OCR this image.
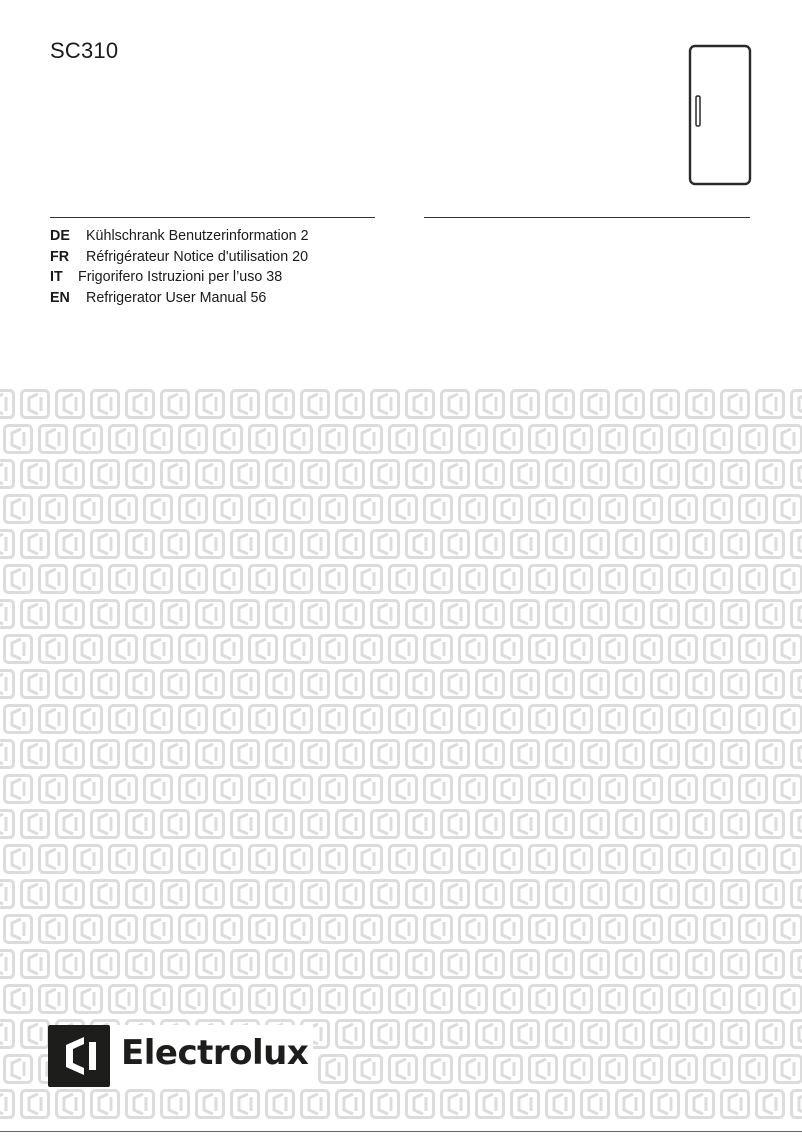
SC310
DE Kühlschrank Benutzerinformation 2
FR Réfrigérateur Notice d'utilisation 20
IT Frigorifero Istruzioni per l’uso 38
EN Refrigerator User Manual 56
Electrolux
